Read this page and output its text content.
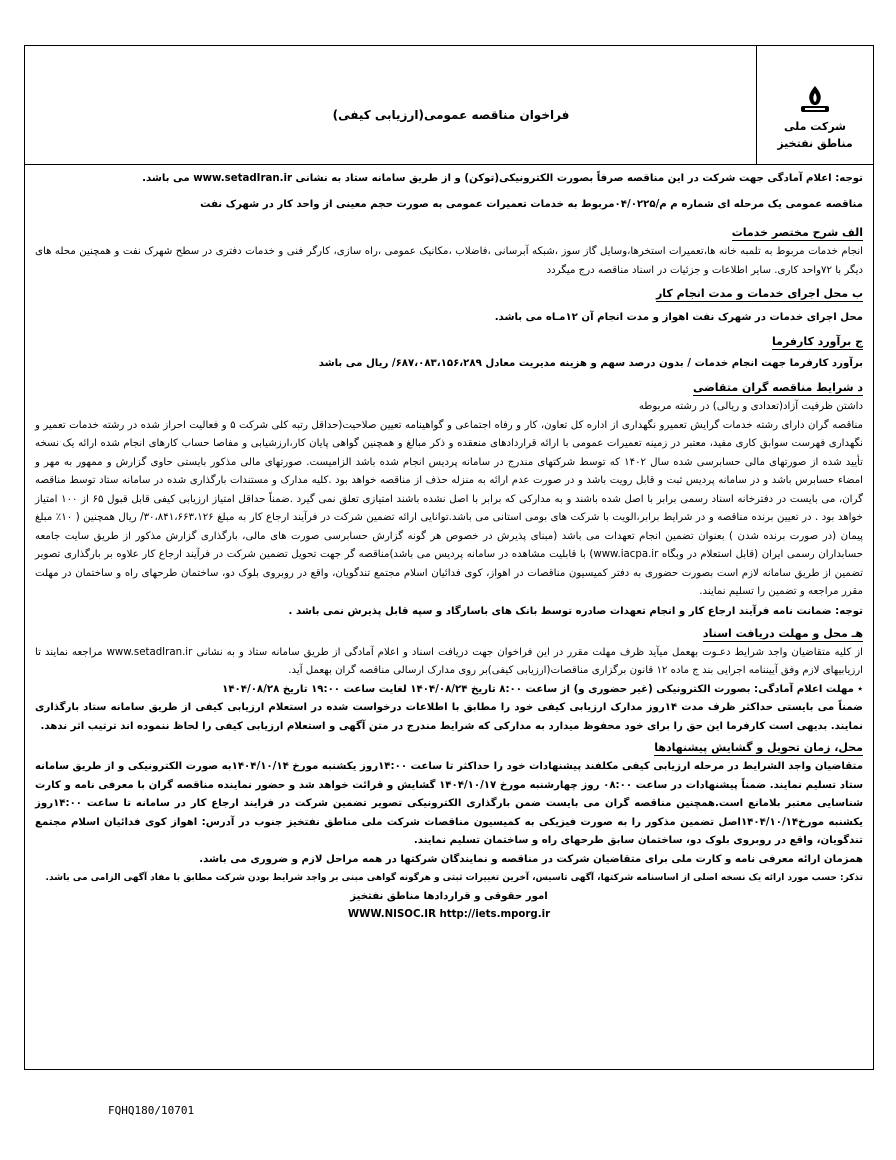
شرکت ملی
مناطق نفتخیز
فراخوان مناقصه عمومی(ارزیابی کیفی)

توجه: اعلام آمادگی جهت شرکت در این مناقصه صرفاً بصورت الکترونیکی(توکن) و از طریق سامانه ستاد به نشانی www.setadIran.ir می باشد.

مناقصه عمومی یک مرحله ای شماره م م/۰۴/۰۲۲۵مربوط به خدمات تعمیرات عمومی به صورت حجم معینی از واحد کار در شهرک نفت

الف شرح مختصر خدمات

انجام خدمات مربوط به تلمبه خانه ها،تعمیرات استخرها،وسایل گاز سوز ،شبکه آبرسانی ،فاضلاب ،مکانیک عمومی ،راه سازی، کارگر فنی و خدمات دفتری در سطح شهرک نفت و همچنین محله های دیگر با ۷۲واحد کاری. سایر اطلاعات و جزئیات در اسناد مناقصه درج میگردد

ب محل اجرای خدمات و مدت انجام کار

محل اجرای خدمات در شهرک نفت اهواز و مدت انجام آن ۱۲مـاه می باشد.

ج برآورد کارفرما

برآورد کارفرما جهت انجام خدمات / بدون درصد سهم و هزینه مدیریت معادل ۶۸۷،۰۸۳،۱۵۶،۲۸۹/ ریال می باشد

د شرایط مناقصه گران متقاضی

داشتن ظرفیت آزاد(تعدادی و ریالی) در رشته مربوطه

مناقصه گران دارای رشته خدمات گرایش تعمیرو نگهداری از اداره کل تعاون، کار و رفاه اجتماعی و گواهینامه تعیین صلاحیت(حداقل رتبه کلی شرکت ۵ و فعالیت احراز شده در رشته خدمات تعمیر و نگهداری فهرست سوابق کاری مفید، معتبر در زمینه تعمیرات عمومی با ارائه قراردادهای منعقده و ذکر مبالغ و همچنین گواهی پایان کار،ارزشیابی و مفاصا حساب کارهای انجام شده ارائه یک نسخه تأیید شده از صورتهای مالی حسابرسی شده سال ۱۴۰۲ که توسط شرکتهای مندرج در سامانه پردیس انجام شده باشد الزامیست. صورتهای مالی مذکور بایستی حاوی گزارش و ممهور به مهر و امضاء حسابرس باشد و در سامانه پردیس ثبت و قابل رویت باشد و در صورت عدم ارائه به منزله حذف از مناقصه خواهد بود .کلیه مدارک و مستندات بارگذاری شده در سامانه ستاد توسط مناقصه گران، می بایست در دفترخانه اسناد رسمی برابر با اصل شده باشند و به مدارکی که برابر با اصل نشده باشند امتیازی تعلق نمی گیرد .ضمناً حداقل امتیاز ارزیابی کیفی قابل قبول ۶۵ از ۱۰۰ امتیاز خواهد بود . در تعیین برنده مناقصه و در شرایط برابر،الویت با شرکت های بومی استانی می باشد.توانایی ارائه تضمین شرکت در فرآیند ارجاع کار به مبلغ ۳۰،۸۴۱،۶۶۳،۱۲۶/ ریال همچنین ( ۱۰٪ مبلغ پیمان (در صورت برنده شدن ) بعنوان تضمین انجام تعهدات می باشد (مبنای پذیرش در خصوص هر گونه گزارش حسابرسی صورت های مالی، بارگذاری گزارش مذکور از طریق سایت جامعه حسابداران رسمی ایران (قابل استعلام در وبگاه www.iacpa.ir) با قابلیت مشاهده در سامانه پردیس می باشد)مناقصه گر جهت تحویل تضمین شرکت در فرآیند ارجاع کار علاوه بر بارگذاری تصویر تضمین از طریق سامانه لازم است بصورت حضوری به دفتر کمیسیون مناقصات در اهواز، کوی فدائیان اسلام مجتمع تندگویان، واقع در روبروی بلوک دو، ساختمان طرحهای راه و ساختمان در مهلت مقرر مراجعه و تضمین را تسلیم نمایند.

توجه: ضمانت نامه فرآیند ارجاع کار و انجام تعهدات صادره توسط بانک های باسارگاد و سپه قابل پذیرش نمی باشد .

هـ محل و مهلت دریافت اسناد

از کلیه متقاضیان واجد شرایط دعـوت بهعمل میآید ظرف مهلت مقرر در این فراخوان جهت دریافت اسناد و اعلام آمادگی از طریق سامانه ستاد و به نشانی www.setadIran.ir مراجعه نمایند تا ارزیابیهای لازم وفق آییننامه اجرایی بند ج ماده ۱۲ قانون برگزاری مناقصات(ارزیابی کیفی)بر روی مدارک ارسالی مناقصه گران بهعمل آید.

٭ مهلت اعلام آمادگی: بصورت الکترونیکی (غیر حضوری و) از ساعت ۸:۰۰ تاریخ ۱۴۰۴/۰۸/۲۴ لغایت ساعت ۱۹:۰۰ تاریخ ۱۴۰۴/۰۸/۲۸

ضمناً می بایستی حداکثر ظرف مدت ۱۴روز مدارک ارزیابی کیفی خود را مطابق با اطلاعات درخواست شده در استعلام ارزیابی کیفی از طریق سامانه ستاد بارگذاری نمایند. بدیهی است کارفرما این حق را برای خود محفوظ میدارد به مدارکی که شرایط مندرج در متن آگهی و استعلام ارزیابی کیفی را لحاظ ننموده اند ترتیب اثر ندهد.

محل، زمان تحویل و گشایش پیشنهادها

متقاضیان واجد الشرایط در مرحله ارزیابی کیفی مکلفند پیشنهادات خود را حداکثر تا ساعت ۱۴:۰۰روز یکشنبه مورخ ۱۴۰۴/۱۰/۱۴به صورت الکترونیکی و از طریق سامانه ستاد تسلیم نمایند. ضمناً پیشنهادات در ساعت ۰۸:۰۰ روز چهارشنبه مورخ ۱۴۰۴/۱۰/۱۷ گشایش و قرائت خواهد شد و حضور نماینده مناقصه گران با معرفی نامه و کارت شناسایی معتبر بلامانع است.همچنین مناقصه گران می بایست ضمن بارگذاری الکترونیکی تصویر تضمین شرکت در فرایند ارجاع کار در سامانه تا ساعت ۱۴:۰۰روز یکشنبه مورخ۱۴۰۴/۱۰/۱۴اصل تضمین مذکور را به صورت فیزیکی به کمیسیون مناقصات شرکت ملی مناطق نفتخیز جنوب در آدرس: اهواز کوی فدائیان اسلام مجتمع تندگویان، واقع در روبروی بلوک دو، ساختمان سابق طرحهای راه و ساختمان تسلیم نمایند.

همزمان ارائه معرفی نامه و کارت ملی برای متقاضیان شرکت در مناقصه و نمایندگان شرکتها در همه مراحل لازم و ضروری می باشد.

تذکر: حسب مورد ارائه یک نسخه اصلی از اساسنامه شرکتها، آگهی تاسیس، آخرین تغییرات ثبتی و هرگونه گواهی مبنی بر واجد شرایط بودن شرکت مطابق با مفاد آگهی الزامی می باشد.

امور حقوقی و قراردادها مناطق نفتخیز

WWW.NISOC.IR http://iets.mporg.ir

FQHQ180/10701
